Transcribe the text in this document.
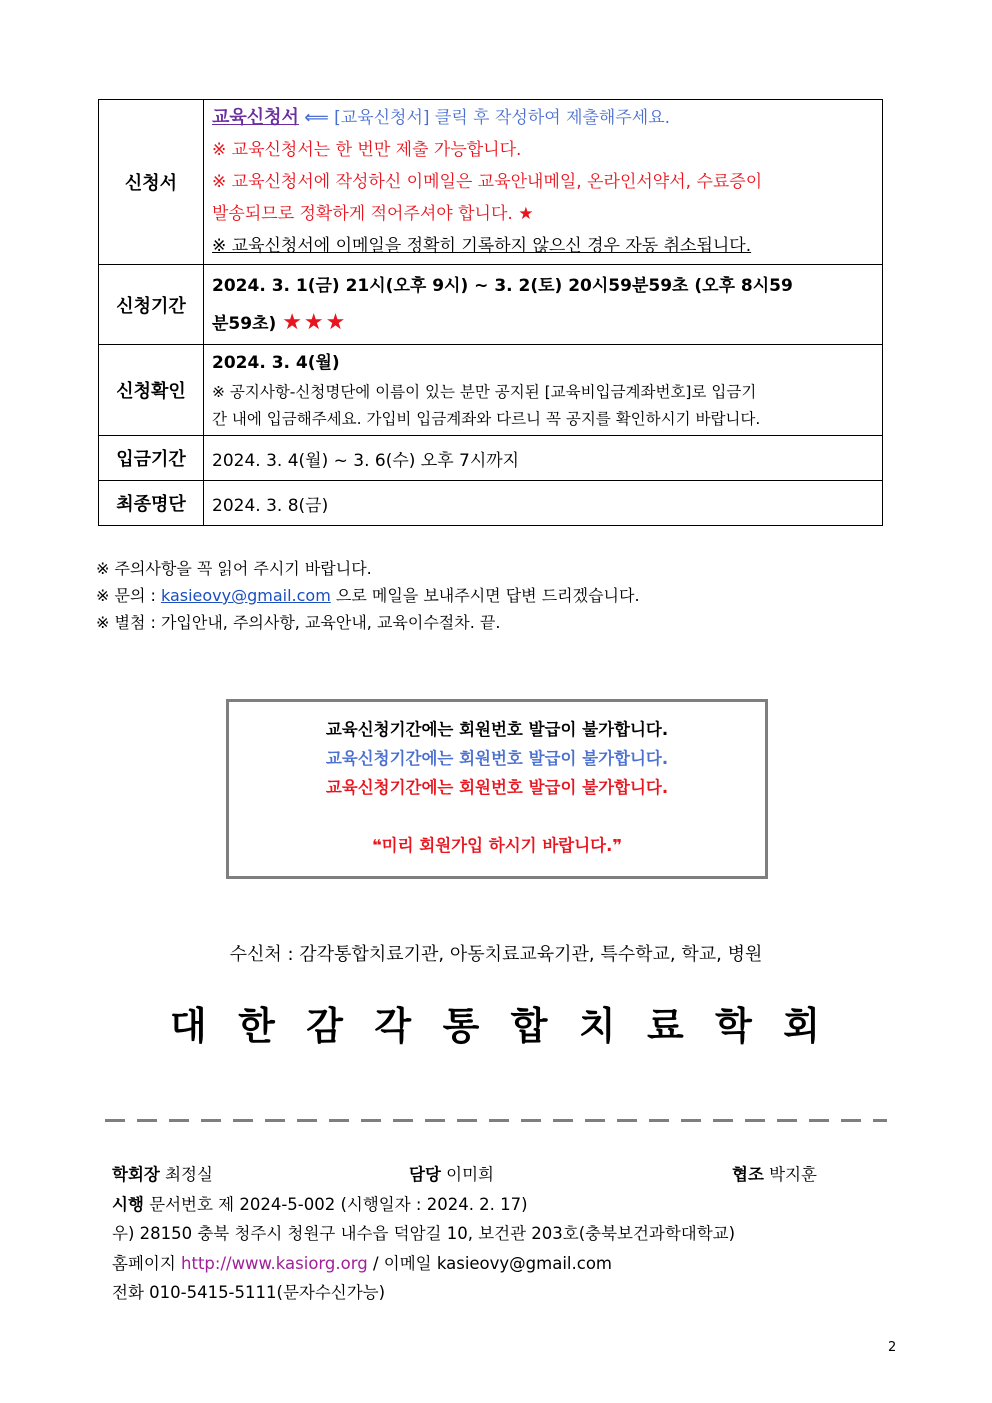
신청서	교육신청서 ⟸ [교육신청서] 클릭 후 작성하여 제출해주세요.
※ 교육신청서는 한 번만 제출 가능합니다.
※ 교육신청서에 작성하신 이메일은 교육안내메일, 온라인서약서, 수료증이
발송되므로 정확하게 적어주셔야 합니다. ★
※ 교육신청서에 이메일을 정확히 기록하지 않으신 경우 자동 취소됩니다.

신청기간	2024. 3. 1(금) 21시(오후 9시) ~ 3. 2(토) 20시59분59초 (오후 8시59
분59초) ★★★

신청확인	2024. 3. 4(월)
※ 공지사항-신청명단에 이름이 있는 분만 공지된 [교육비입금계좌번호]로 입금기
간 내에 입금해주세요. 가입비 입금계좌와 다르니 꼭 공지를 확인하시기 바랍니다.

입금기간	2024. 3. 4(월) ~ 3. 6(수) 오후 7시까지
최종명단	2024. 3. 8(금)
※ 주의사항을 꼭 읽어 주시기 바랍니다.
※ 문의 : kasieovy@gmail.com 으로 메일을 보내주시면 답변 드리겠습니다.
※ 별첨 : 가입안내, 주의사항, 교육안내, 교육이수절차. 끝.
교육신청기간에는 회원번호 발급이 불가합니다.
교육신청기간에는 회원번호 발급이 불가합니다.
교육신청기간에는 회원번호 발급이 불가합니다.
❝미리 회원가입 하시기 바랍니다.❞
수신처 : 감각통합치료기관, 아동치료교육기관, 특수학교, 학교, 병원
대 한 감 각 통 합 치 료 학 회
학회장 최정실	담당 이미희	협조 박지훈
시행 문서번호 제 2024-5-002 (시행일자 : 2024. 2. 17)
우) 28150 충북 청주시 청원구 내수읍 덕암길 10, 보건관 203호(충북보건과학대학교)
홈페이지 http://www.kasiorg.org / 이메일 kasieovy@gmail.com
전화 010-5415-5111(문자수신가능)
2
